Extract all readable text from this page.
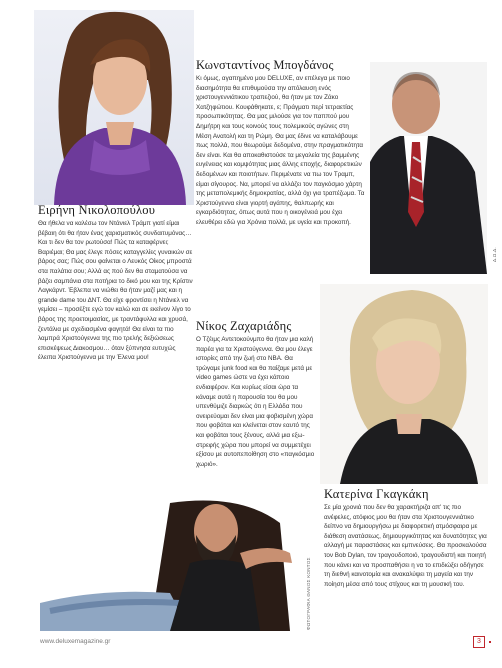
Δ.Ω.Δ.
ΦΩΤΟΓΡΑΦΙΑ ΘΑΝΟΣ ΚΟΝΤΟΣ
Ειρήνη Νικολοπούλου

Θα ήθελα να καλέσω τον Ντάνιελ Τράμπ γιατί είμαι βέβαιη ότι θα ήταν ένας χαρισματικός συνδαιτυμόνας… Και τι δεν θα τον ρωτούσα! Πώς τα καταφέρνει; Βαριέμαι; Θα μας έλεγε πόσες καταγγελίες γυναικών σε βάρος σας; Πώς σου φαίνεται ο Λευκός Οίκος μπροστά στα παλάτια σου; Αλλά ας πού δεν θα σταματούσα να βάζει σαμπάνια στα ποτήρια το δικό μου και της Κρίστιν Λαγκάρντ. Έβλεπα να νιώθει θα ήταν μαζί μας και η grande dame του ΔΝΤ. Θα είχε φροντίσει η Ντάνιελ να γεμίσει – προσέξτε εγώ τον καλώ και σε εκείνον λίγο το βάρος της προετοιμασίας, με τραντάφυλλα και χρυσά, ζεντάλια με σχεδιασμένα φαγητά! Θα είναι τα πιο λαμπρά Χριστούγεννα της πιο τρελής δεξιώσεως επισκέψεως Διακοσμου… όταν ξύπνησα ευτυχώς έλειπα Χριστούγεννα με την Έλενα μου!

Κωνσταντίνος Μπογδάνος

Κι όμως, αγαπημένο μου DELUXE, αν επέλεγα με ποιο διασημότητα θα επιθυμούσα την απόλαυση ενός χριστουγεννιάτικου τραπεζιού, θα ήταν με τον Ζάκο Χατζηφώτιου. Κουφάθηκατε, ε; Πράγματι περί τετραετίας προσωπικότητας. Θα μας μιλούσε για τον παππού μου Δημήτρη και τους κοινούς τους πολεμικούς αγώνες στη Μέση Ανατολή και τη Ρώμη. Θα μας έδινε να καταλάβουμε πως πολλά, που θεωρούμε δεδομένα, στην πραγματικότητα δεν είναι. Και θα αποκαθιστούσε τα μεγαλεία της βαμμένης ευγένειας και κομψότητας μιας άλλης εποχής, διαφορετικών δεδομένων και ποιοτήτων. Περιμένατε να πω τον Τραμπ, είμαι σίγουρος. Να, μπορεί να αλλάζει τον παγκόσμιο χάρτη της μεταπολεμικής δημοκρατίας, αλλά όχι για τραπέζωμα. Τα Χριστούγεννα είναι γιορτή αγάπης, θαλπωρής και εγκαρδιότητας, όπως αυτά που η οικογένειά μου έχει ελευθέρει εδώ για Χρόνια πολλά, με υγεία και προκοπή.

Νίκος Ζαχαριάδης

Ο Τζέιμς Αντετοκούνμπο θα ήταν μια καλή παρέα για τα Χριστούγεννα. Θα μου έλεγε ιστορίες από την ζωή στο NBA. Θα τρώγαμε junk food και θα παίζαμε μετά με video games ώστε να έχει κάποιο ενδιαφέρον. Και κυρίως είσαι ώρα τα κάναμε αυτά η παρουσία του θα μου υπενθύμιζε διαρκώς ότι η Ελλάδα που ονειρεύομαι δεν είναι μια φοβισμένη χώρα που φοβάται και κλείνεται στον εαυτό της και φοβάται τους ξένους, αλλά μια εξωστρεφής χώρα που μπορεί να συμμετέχει εξίσου με αυτοπεποίθηση στο «παγκόσμιο χωριό».

Κατερίνα Γκαγκάκη

Σε μία χρονιά που δεν θα χαρακτήριζα απ' τις πιο ανέφελες, ατόφιος μου θα ήταν στα Χριστουγεννιάτικο δείπνο να δημιουργήσω με διαφορετική ατμόσφαιρα με διάθεση ανατάσεως, δημιουργικότητας και δυνατότητες για αλλαγή με παραστάσεις και εμπνεύσεις. Θα προσκαλούσα τον Bob Dylan, τον τραγουδοποιό, τραγουδιστή και ποιητή που κάνει και να προσπαθήσει η να το επιδιώξει οδήγησε τη διεθνή καινοτομία και ανακαλύψει τη μαγεία και την ποίηση μέσα από τους στίχους και τη μουσική του.

www.deluxemagazine.gr	3
